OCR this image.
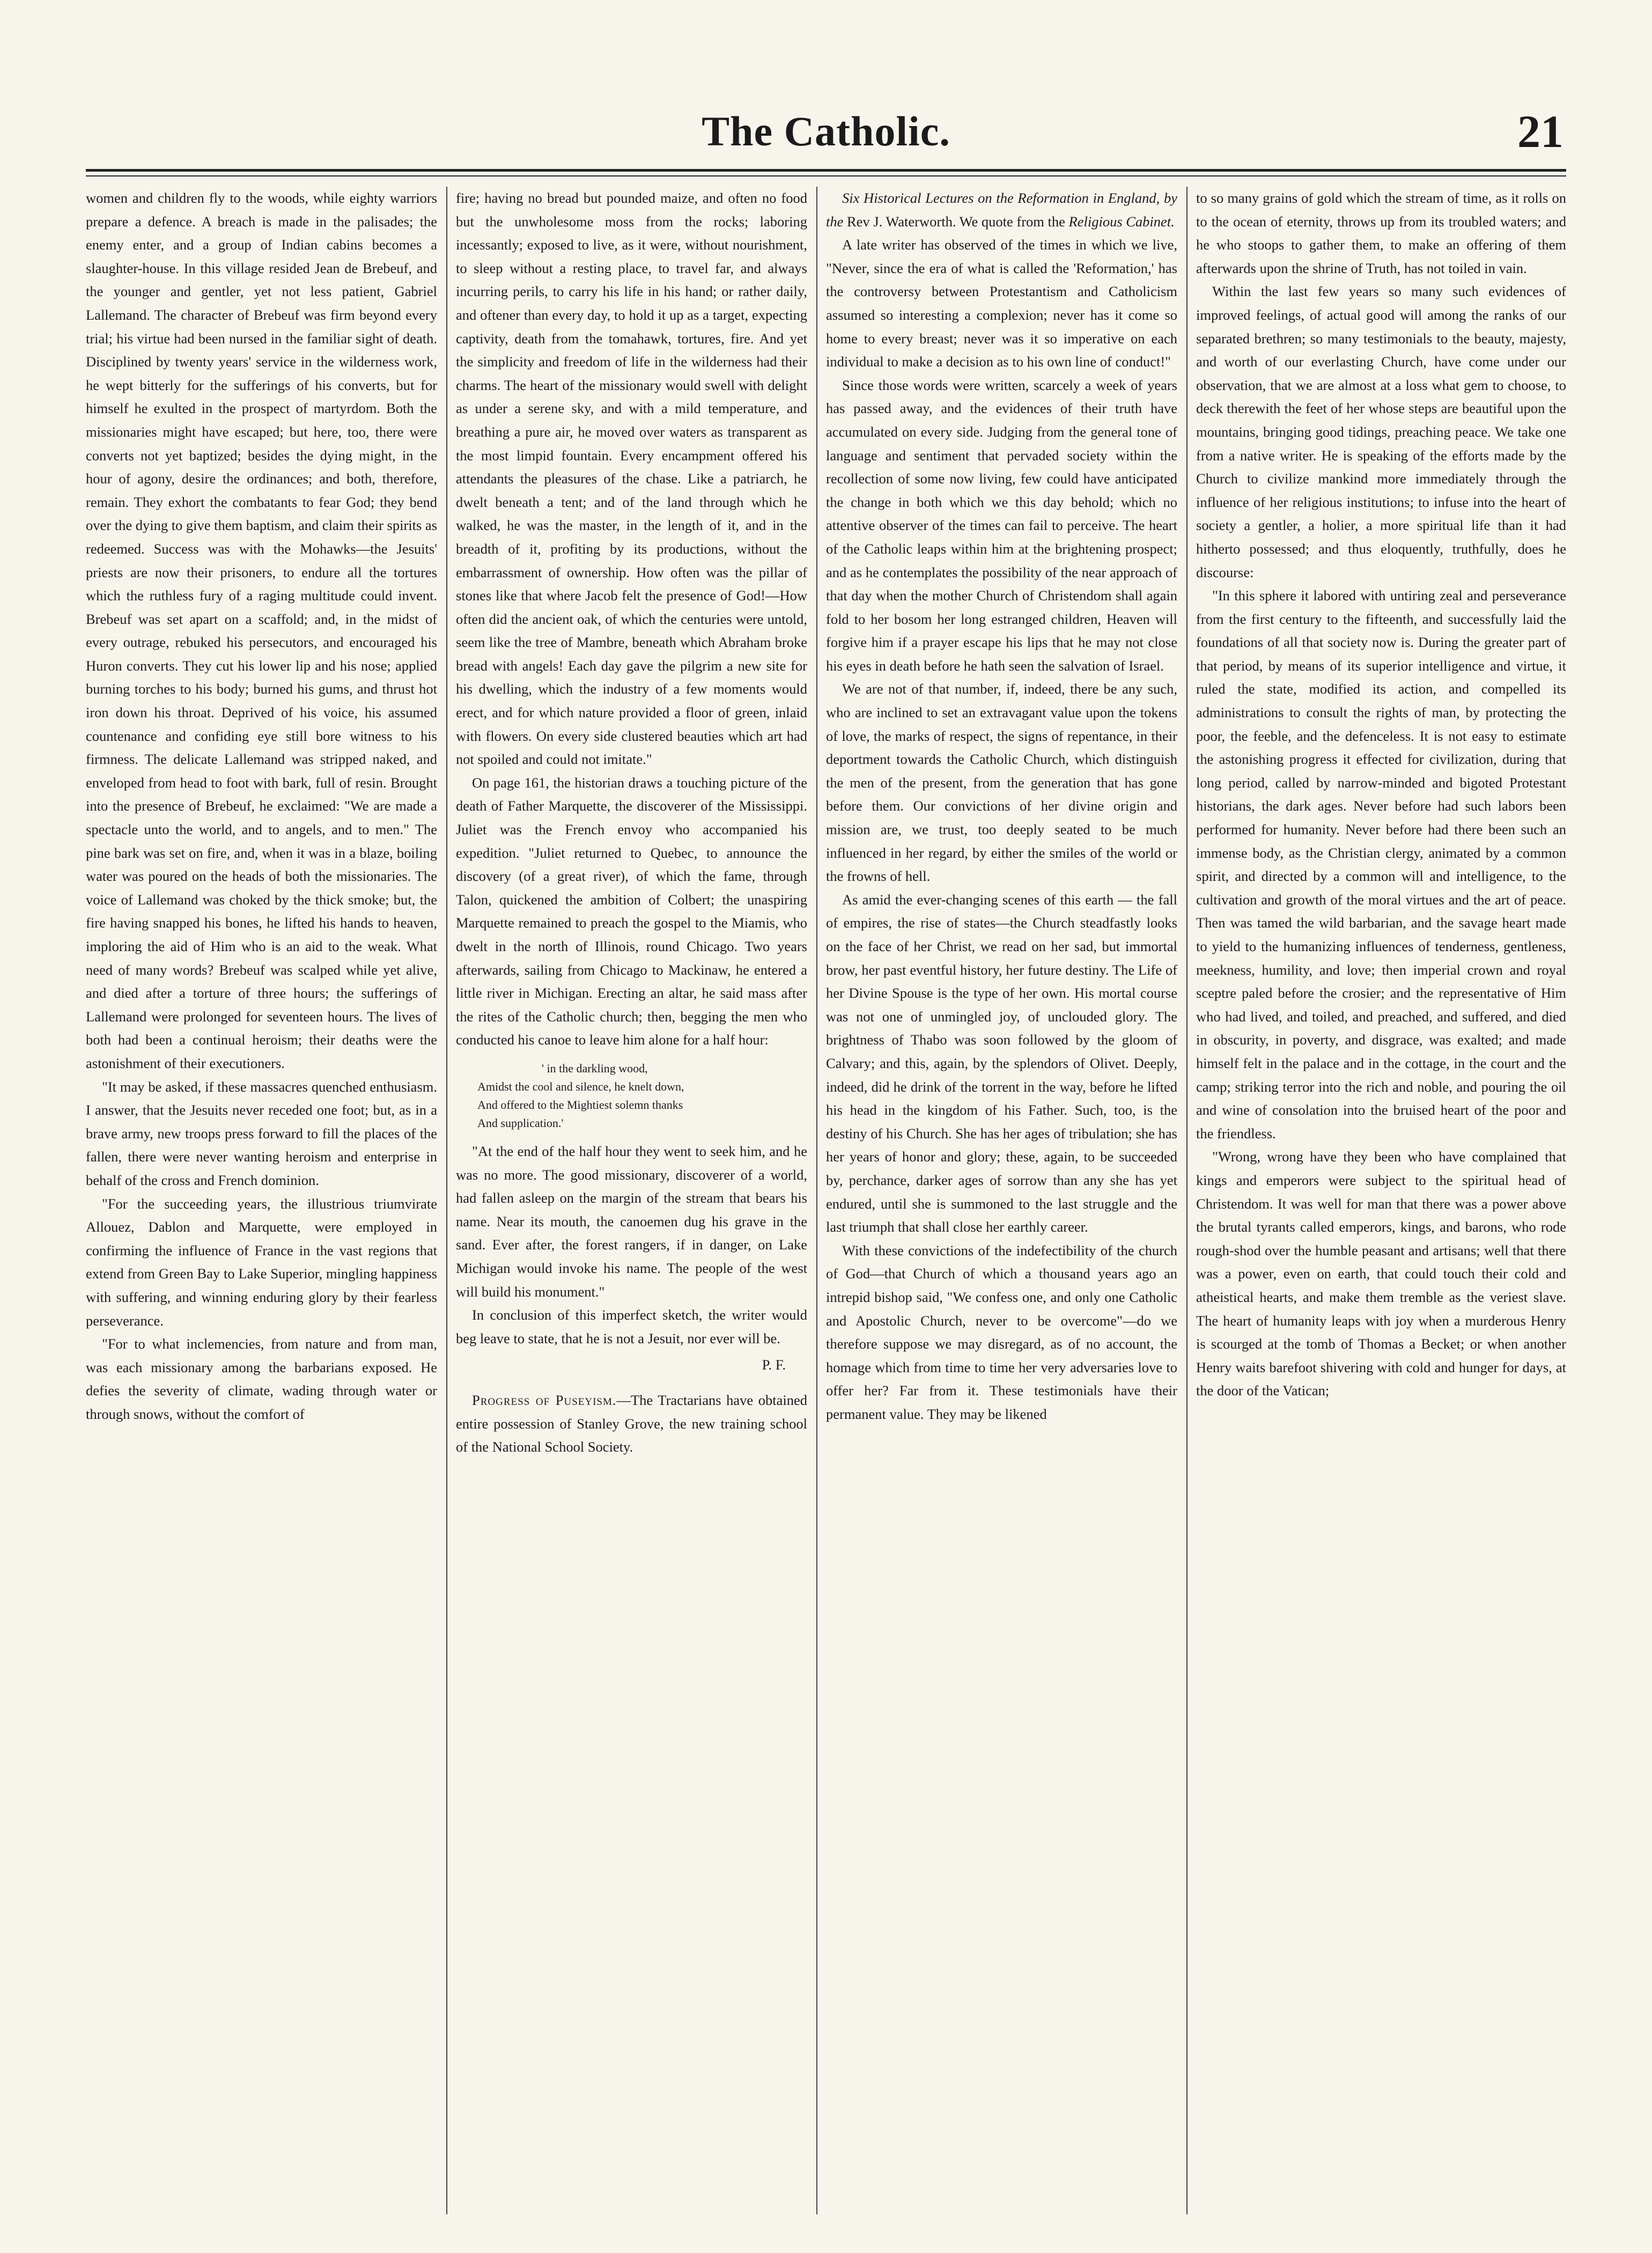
The Catholic.	21

women and children fly to the woods, while eighty warriors prepare a defence. A breach is made in the palisades; the enemy enter, and a group of Indian cabins becomes a slaughter-house. In this village resided Jean de Brebeuf, and the younger and gentler, yet not less patient, Gabriel Lallemand. The character of Brebeuf was firm beyond every trial; his virtue had been nursed in the familiar sight of death. Disciplined by twenty years' service in the wilderness work, he wept bitterly for the sufferings of his converts, but for himself he exulted in the prospect of martyrdom. Both the missionaries might have escaped; but here, too, there were converts not yet baptized; besides the dying might, in the hour of agony, desire the ordinances; and both, therefore, remain. They exhort the combatants to fear God; they bend over the dying to give them baptism, and claim their spirits as redeemed. Success was with the Mohawks—the Jesuits' priests are now their prisoners, to endure all the tortures which the ruthless fury of a raging multitude could invent. Brebeuf was set apart on a scaffold; and, in the midst of every outrage, rebuked his persecutors, and encouraged his Huron converts. They cut his lower lip and his nose; applied burning torches to his body; burned his gums, and thrust hot iron down his throat. Deprived of his voice, his assumed countenance and confiding eye still bore witness to his firmness. The delicate Lallemand was stripped naked, and enveloped from head to foot with bark, full of resin. Brought into the presence of Brebeuf, he exclaimed: "We are made a spectacle unto the world, and to angels, and to men." The pine bark was set on fire, and, when it was in a blaze, boiling water was poured on the heads of both the missionaries. The voice of Lallemand was choked by the thick smoke; but, the fire having snapped his bones, he lifted his hands to heaven, imploring the aid of Him who is an aid to the weak. What need of many words? Brebeuf was scalped while yet alive, and died after a torture of three hours; the sufferings of Lallemand were prolonged for seventeen hours. The lives of both had been a continual heroism; their deaths were the astonishment of their executioners.

"It may be asked, if these massacres quenched enthusiasm. I answer, that the Jesuits never receded one foot; but, as in a brave army, new troops press forward to fill the places of the fallen, there were never wanting heroism and enterprise in behalf of the cross and French dominion.

"For the succeeding years, the illustrious triumvirate Allouez, Dablon and Marquette, were employed in confirming the influence of France in the vast regions that extend from Green Bay to Lake Superior, mingling happiness with suffering, and winning enduring glory by their fearless perseverance.

"For to what inclemencies, from nature and from man, was each missionary among the barbarians exposed. He defies the severity of climate, wading through water or through snows, without the comfort of

fire; having no bread but pounded maize, and often no food but the unwholesome moss from the rocks; laboring incessantly; exposed to live, as it were, without nourishment, to sleep without a resting place, to travel far, and always incurring perils, to carry his life in his hand; or rather daily, and oftener than every day, to hold it up as a target, expecting captivity, death from the tomahawk, tortures, fire. And yet the simplicity and freedom of life in the wilderness had their charms. The heart of the missionary would swell with delight as under a serene sky, and with a mild temperature, and breathing a pure air, he moved over waters as transparent as the most limpid fountain. Every encampment offered his attendants the pleasures of the chase. Like a patriarch, he dwelt beneath a tent; and of the land through which he walked, he was the master, in the length of it, and in the breadth of it, profiting by its productions, without the embarrassment of ownership. How often was the pillar of stones like that where Jacob felt the presence of God!—How often did the ancient oak, of which the centuries were untold, seem like the tree of Mambre, beneath which Abraham broke bread with angels! Each day gave the pilgrim a new site for his dwelling, which the industry of a few moments would erect, and for which nature provided a floor of green, inlaid with flowers. On every side clustered beauties which art had not spoiled and could not imitate."

On page 161, the historian draws a touching picture of the death of Father Marquette, the discoverer of the Mississippi. Juliet was the French envoy who accompanied his expedition. "Juliet returned to Quebec, to announce the discovery (of a great river), of which the fame, through Talon, quickened the ambition of Colbert; the unaspiring Marquette remained to preach the gospel to the Miamis, who dwelt in the north of Illinois, round Chicago. Two years afterwards, sailing from Chicago to Mackinaw, he entered a little river in Michigan. Erecting an altar, he said mass after the rites of the Catholic church; then, begging the men who conducted his canoe to leave him alone for a half hour:

' in the darkling wood,
Amidst the cool and silence, he knelt down,
And offered to the Mightiest solemn thanks
And supplication.'

"At the end of the half hour they went to seek him, and he was no more. The good missionary, discoverer of a world, had fallen asleep on the margin of the stream that bears his name. Near its mouth, the canoemen dug his grave in the sand. Ever after, the forest rangers, if in danger, on Lake Michigan would invoke his name. The people of the west will build his monument."

In conclusion of this imperfect sketch, the writer would beg leave to state, that he is not a Jesuit, nor ever will be.

P. F.

Progress of Puseyism.—The Tractarians have obtained entire possession of Stanley Grove, the new training school of the National School Society.

Six Historical Lectures on the Reformation in England, by the Rev J. Waterworth. We quote from the Religious Cabinet.

A late writer has observed of the times in which we live, "Never, since the era of what is called the 'Reformation,' has the controversy between Protestantism and Catholicism assumed so interesting a complexion; never has it come so home to every breast; never was it so imperative on each individual to make a decision as to his own line of conduct!"

Since those words were written, scarcely a week of years has passed away, and the evidences of their truth have accumulated on every side. Judging from the general tone of language and sentiment that pervaded society within the recollection of some now living, few could have anticipated the change in both which we this day behold; which no attentive observer of the times can fail to perceive. The heart of the Catholic leaps within him at the brightening prospect; and as he contemplates the possibility of the near approach of that day when the mother Church of Christendom shall again fold to her bosom her long estranged children, Heaven will forgive him if a prayer escape his lips that he may not close his eyes in death before he hath seen the salvation of Israel.

We are not of that number, if, indeed, there be any such, who are inclined to set an extravagant value upon the tokens of love, the marks of respect, the signs of repentance, in their deportment towards the Catholic Church, which distinguish the men of the present, from the generation that has gone before them. Our convictions of her divine origin and mission are, we trust, too deeply seated to be much influenced in her regard, by either the smiles of the world or the frowns of hell.

As amid the ever-changing scenes of this earth — the fall of empires, the rise of states—the Church steadfastly looks on the face of her Christ, we read on her sad, but immortal brow, her past eventful history, her future destiny. The Life of her Divine Spouse is the type of her own. His mortal course was not one of unmingled joy, of unclouded glory. The brightness of Thabo was soon followed by the gloom of Calvary; and this, again, by the splendors of Olivet. Deeply, indeed, did he drink of the torrent in the way, before he lifted his head in the kingdom of his Father. Such, too, is the destiny of his Church. She has her ages of tribulation; she has her years of honor and glory; these, again, to be succeeded by, perchance, darker ages of sorrow than any she has yet endured, until she is summoned to the last struggle and the last triumph that shall close her earthly career.

With these convictions of the indefectibility of the church of God—that Church of which a thousand years ago an intrepid bishop said, "We confess one, and only one Catholic and Apostolic Church, never to be overcome"—do we therefore suppose we may disregard, as of no account, the homage which from time to time her very adversaries love to offer her? Far from it. These testimonials have their permanent value. They may be likened

to so many grains of gold which the stream of time, as it rolls on to the ocean of eternity, throws up from its troubled waters; and he who stoops to gather them, to make an offering of them afterwards upon the shrine of Truth, has not toiled in vain.

Within the last few years so many such evidences of improved feelings, of actual good will among the ranks of our separated brethren; so many testimonials to the beauty, majesty, and worth of our everlasting Church, have come under our observation, that we are almost at a loss what gem to choose, to deck therewith the feet of her whose steps are beautiful upon the mountains, bringing good tidings, preaching peace. We take one from a native writer. He is speaking of the efforts made by the Church to civilize mankind more immediately through the influence of her religious institutions; to infuse into the heart of society a gentler, a holier, a more spiritual life than it had hitherto possessed; and thus eloquently, truthfully, does he discourse:

"In this sphere it labored with untiring zeal and perseverance from the first century to the fifteenth, and successfully laid the foundations of all that society now is. During the greater part of that period, by means of its superior intelligence and virtue, it ruled the state, modified its action, and compelled its administrations to consult the rights of man, by protecting the poor, the feeble, and the defenceless. It is not easy to estimate the astonishing progress it effected for civilization, during that long period, called by narrow-minded and bigoted Protestant historians, the dark ages. Never before had such labors been performed for humanity. Never before had there been such an immense body, as the Christian clergy, animated by a common spirit, and directed by a common will and intelligence, to the cultivation and growth of the moral virtues and the art of peace. Then was tamed the wild barbarian, and the savage heart made to yield to the humanizing influences of tenderness, gentleness, meekness, humility, and love; then imperial crown and royal sceptre paled before the crosier; and the representative of Him who had lived, and toiled, and preached, and suffered, and died in obscurity, in poverty, and disgrace, was exalted; and made himself felt in the palace and in the cottage, in the court and the camp; striking terror into the rich and noble, and pouring the oil and wine of consolation into the bruised heart of the poor and the friendless.

"Wrong, wrong have they been who have complained that kings and emperors were subject to the spiritual head of Christendom. It was well for man that there was a power above the brutal tyrants called emperors, kings, and barons, who rode rough-shod over the humble peasant and artisans; well that there was a power, even on earth, that could touch their cold and atheistical hearts, and make them tremble as the veriest slave. The heart of humanity leaps with joy when a murderous Henry is scourged at the tomb of Thomas a Becket; or when another Henry waits barefoot shivering with cold and hunger for days, at the door of the Vatican;
